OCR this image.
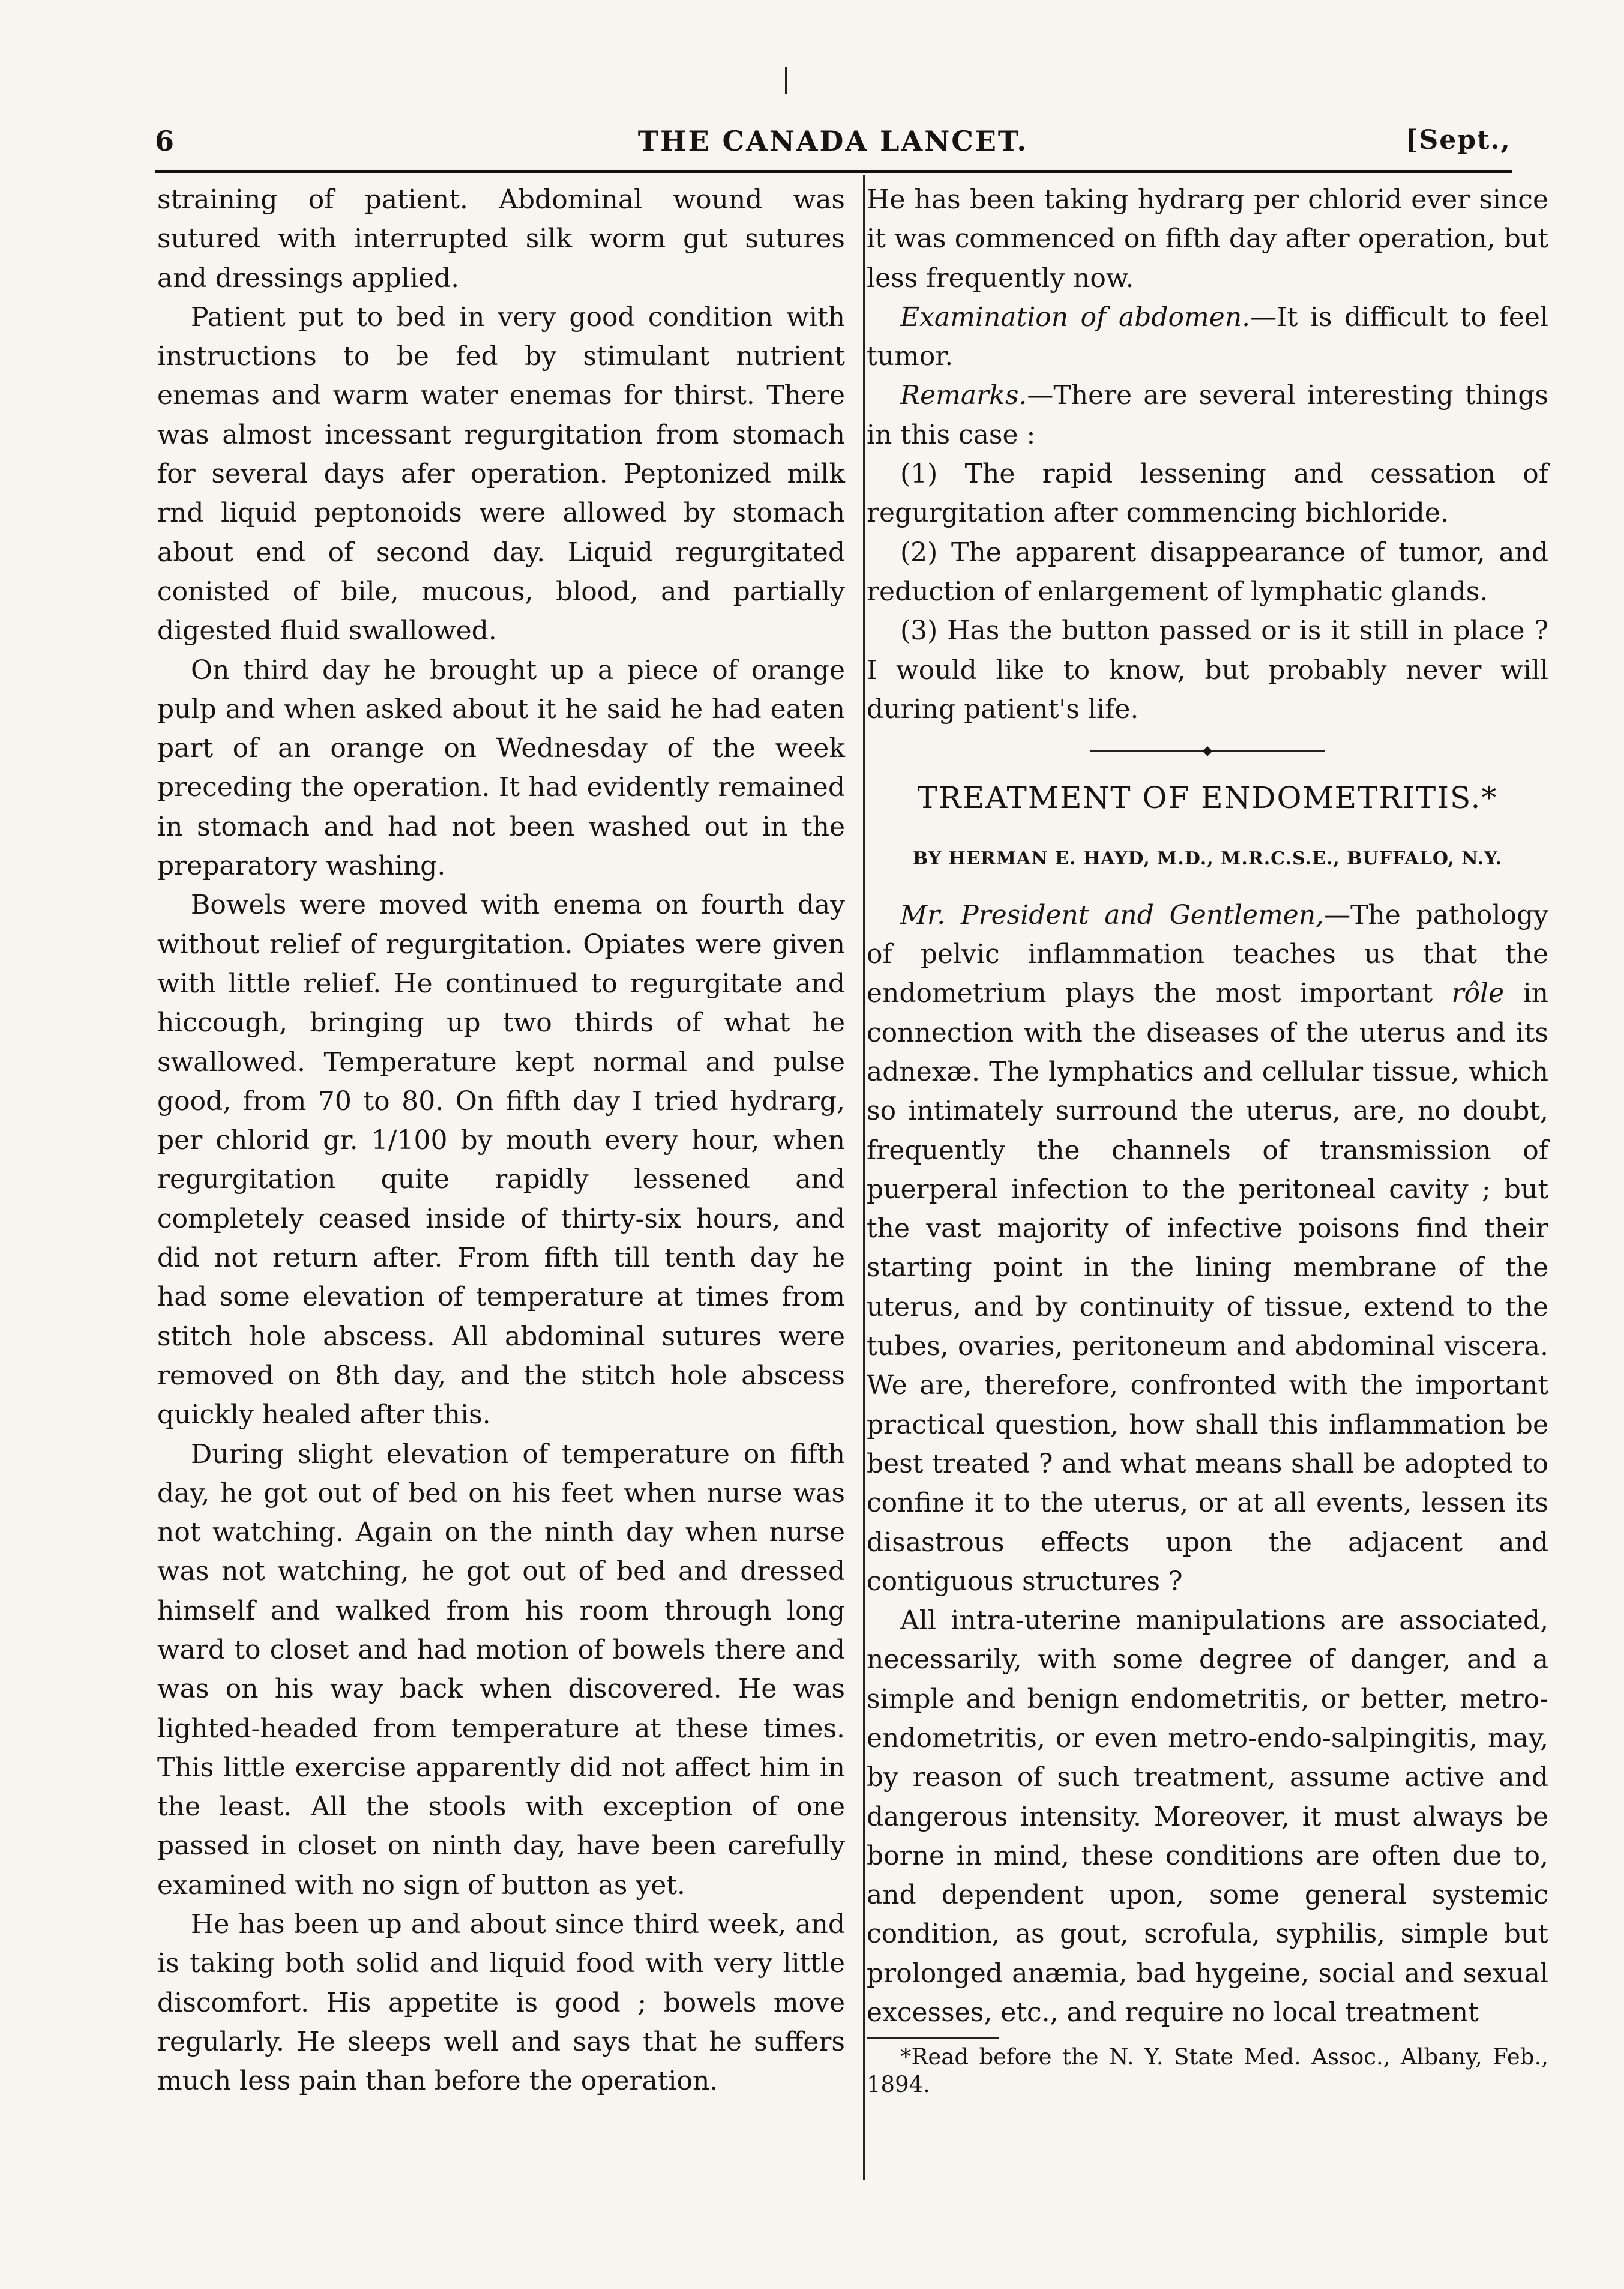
6	THE CANADA LANCET.	[Sept.,

straining of patient. Abdominal wound was sutured with interrupted silk worm gut sutures and dressings applied.

Patient put to bed in very good condition with instructions to be fed by stimulant nutrient enemas and warm water enemas for thirst. There was almost incessant regurgitation from stomach for several days afer operation. Peptonized milk rnd liquid peptonoids were allowed by stomach about end of second day. Liquid regurgitated conisted of bile, mucous, blood, and partially digested fluid swallowed.

On third day he brought up a piece of orange pulp and when asked about it he said he had eaten part of an orange on Wednesday of the week preceding the operation. It had evidently remained in stomach and had not been washed out in the preparatory washing.

Bowels were moved with enema on fourth day without relief of regurgitation. Opiates were given with little relief. He continued to regurgitate and hiccough, bringing up two thirds of what he swallowed. Temperature kept normal and pulse good, from 70 to 80. On fifth day I tried hydrarg, per chlorid gr. 1/100 by mouth every hour, when regurgitation quite rapidly lessened and completely ceased inside of thirty-six hours, and did not return after. From fifth till tenth day he had some elevation of temperature at times from stitch hole abscess. All abdominal sutures were removed on 8th day, and the stitch hole abscess quickly healed after this.

During slight elevation of temperature on fifth day, he got out of bed on his feet when nurse was not watching. Again on the ninth day when nurse was not watching, he got out of bed and dressed himself and walked from his room through long ward to closet and had motion of bowels there and was on his way back when discovered. He was lighted-headed from temperature at these times. This little exercise apparently did not affect him in the least. All the stools with exception of one passed in closet on ninth day, have been carefully examined with no sign of button as yet.

He has been up and about since third week, and is taking both solid and liquid food with very little discomfort. His appetite is good ; bowels move regularly. He sleeps well and says that he suffers much less pain than before the operation.

He has been taking hydrarg per chlorid ever since it was commenced on fifth day after operation, but less frequently now.

Examination of abdomen.—It is difficult to feel tumor.

Remarks.—There are several interesting things in this case :

(1) The rapid lessening and cessation of regurgitation after commencing bichloride.

(2) The apparent disappearance of tumor, and reduction of enlargement of lymphatic glands.

(3) Has the button passed or is it still in place ? I would like to know, but probably never will during patient's life.

◆
TREATMENT OF ENDOMETRITIS.*
BY HERMAN E. HAYD, M.D., M.R.C.S.E., BUFFALO, N.Y.

Mr. President and Gentlemen,—The pathology of pelvic inflammation teaches us that the endometrium plays the most important rôle in connection with the diseases of the uterus and its adnexæ. The lymphatics and cellular tissue, which so intimately surround the uterus, are, no doubt, frequently the channels of transmission of puerperal infection to the peritoneal cavity ; but the vast majority of infective poisons find their starting point in the lining membrane of the uterus, and by continuity of tissue, extend to the tubes, ovaries, peritoneum and abdominal viscera. We are, therefore, confronted with the important practical question, how shall this inflammation be best treated ? and what means shall be adopted to confine it to the uterus, or at all events, lessen its disastrous effects upon the adjacent and contiguous structures ?

All intra-uterine manipulations are associated, necessarily, with some degree of danger, and a simple and benign endometritis, or better, metro-endometritis, or even metro-endo-salpingitis, may, by reason of such treatment, assume active and dangerous intensity. Moreover, it must always be borne in mind, these conditions are often due to, and dependent upon, some general systemic condition, as gout, scrofula, syphilis, simple but prolonged anæmia, bad hygeine, social and sexual excesses, etc., and require no local treatment

*Read before the N. Y. State Med. Assoc., Albany, Feb., 1894.
